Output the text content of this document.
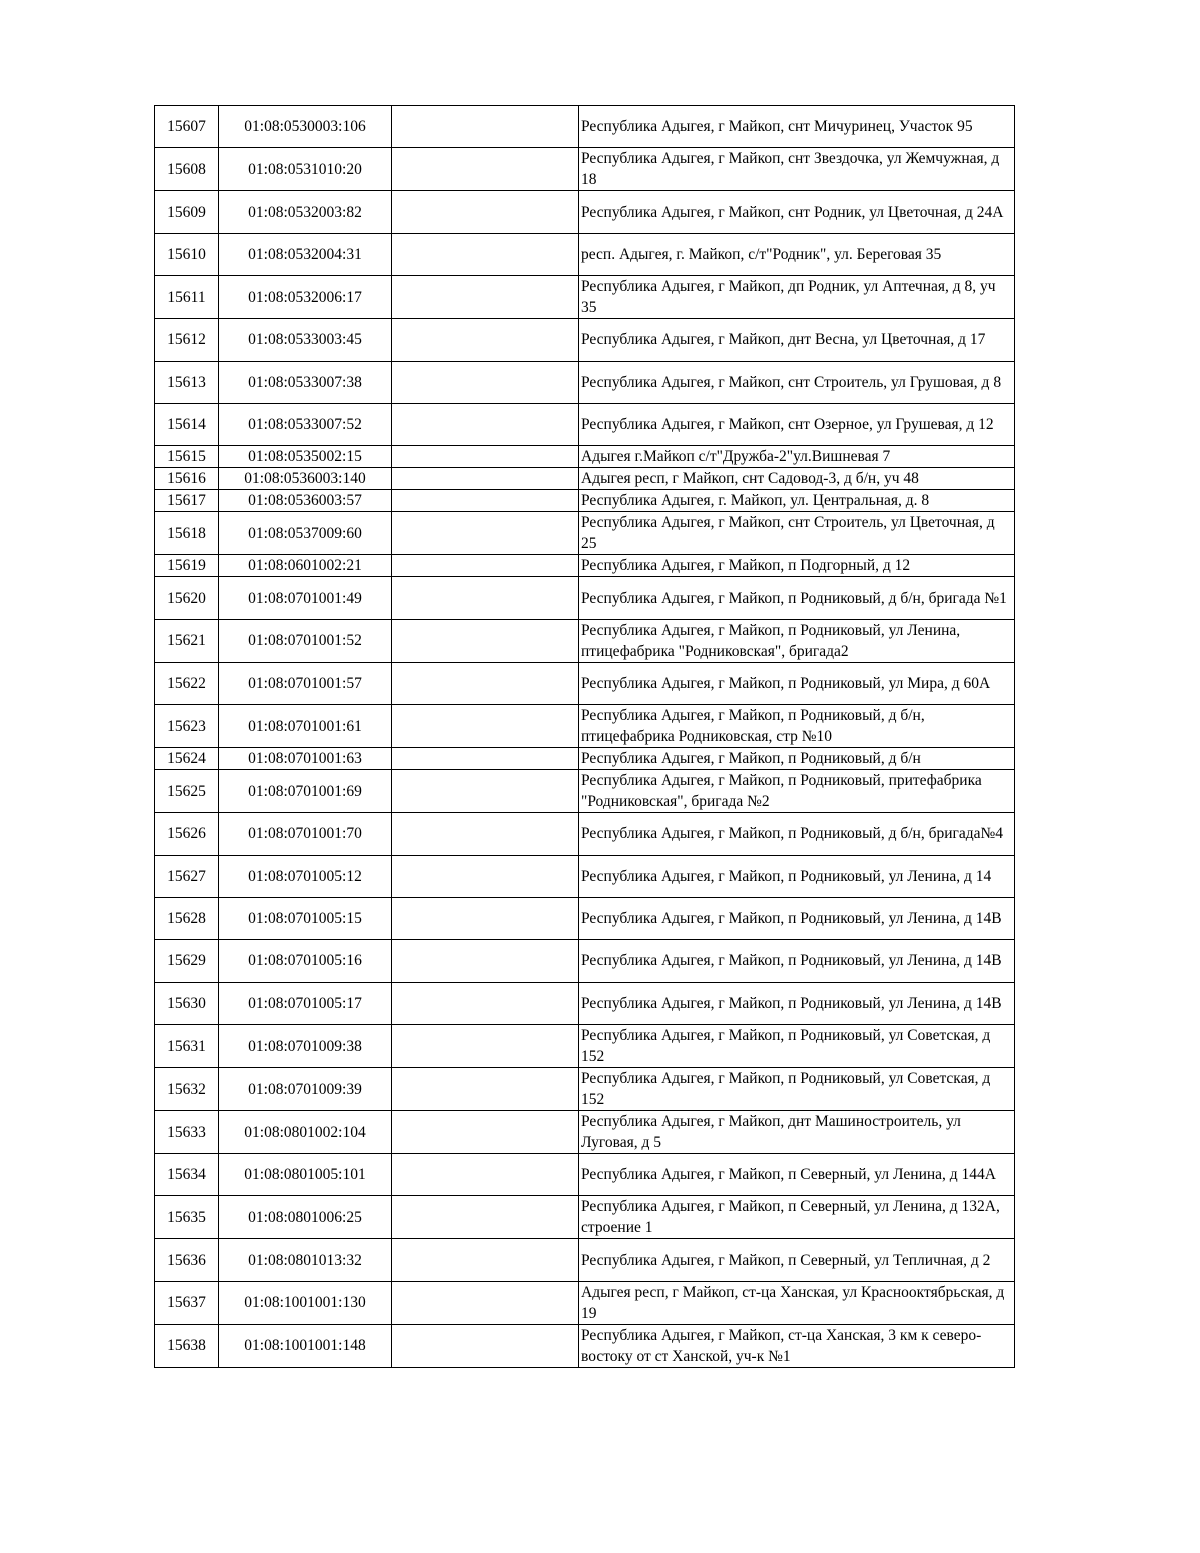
15607	01:08:0530003:106		Республика Адыгея, г Майкоп, снт Мичуринец, Участок 95
15608	01:08:0531010:20		Республика Адыгея, г Майкоп, снт Звездочка, ул Жемчужная, д 18
15609	01:08:0532003:82		Республика Адыгея, г Майкоп, снт Родник, ул Цветочная, д 24А
15610	01:08:0532004:31		респ. Адыгея, г. Майкоп, с/т"Родник", ул. Береговая 35
15611	01:08:0532006:17		Республика Адыгея, г Майкоп, дп Родник, ул Аптечная, д 8, уч 35
15612	01:08:0533003:45		Республика Адыгея, г Майкоп, днт Весна, ул Цветочная, д 17
15613	01:08:0533007:38		Республика Адыгея, г Майкоп, снт Строитель, ул Грушовая, д 8
15614	01:08:0533007:52		Республика Адыгея, г Майкоп, снт Озерное, ул Грушевая, д 12
15615	01:08:0535002:15		Адыгея г.Майкоп с/т"Дружба-2"ул.Вишневая 7
15616	01:08:0536003:140		Адыгея респ, г Майкоп, снт Садовод-3, д б/н, уч 48
15617	01:08:0536003:57		Республика Адыгея, г. Майкоп, ул. Центральная, д. 8
15618	01:08:0537009:60		Республика Адыгея, г Майкоп, снт Строитель, ул Цветочная, д 25
15619	01:08:0601002:21		Республика Адыгея, г Майкоп, п Подгорный, д 12
15620	01:08:0701001:49		Республика Адыгея, г Майкоп, п Родниковый, д б/н, бригада №1
15621	01:08:0701001:52		Республика Адыгея, г Майкоп, п Родниковый, ул Ленина, птицефабрика "Родниковская", бригада2
15622	01:08:0701001:57		Республика Адыгея, г Майкоп, п Родниковый, ул Мира, д 60А
15623	01:08:0701001:61		Республика Адыгея, г Майкоп, п Родниковый, д б/н, птицефабрика Родниковская, стр №10
15624	01:08:0701001:63		Республика Адыгея, г Майкоп, п Родниковый, д б/н
15625	01:08:0701001:69		Республика Адыгея, г Майкоп, п Родниковый, притефабрика "Родниковская", бригада №2
15626	01:08:0701001:70		Республика Адыгея, г Майкоп, п Родниковый, д б/н, бригада№4
15627	01:08:0701005:12		Республика Адыгея, г Майкоп, п Родниковый, ул Ленина, д 14
15628	01:08:0701005:15		Республика Адыгея, г Майкоп, п Родниковый, ул Ленина, д 14В
15629	01:08:0701005:16		Республика Адыгея, г Майкоп, п Родниковый, ул Ленина, д 14В
15630	01:08:0701005:17		Республика Адыгея, г Майкоп, п Родниковый, ул Ленина, д 14В
15631	01:08:0701009:38		Республика Адыгея, г Майкоп, п Родниковый, ул Советская, д 152
15632	01:08:0701009:39		Республика Адыгея, г Майкоп, п Родниковый, ул Советская, д 152
15633	01:08:0801002:104		Республика Адыгея, г Майкоп, днт Машиностроитель, ул Луговая, д 5
15634	01:08:0801005:101		Республика Адыгея, г Майкоп, п Северный, ул Ленина, д 144А
15635	01:08:0801006:25		Республика Адыгея, г Майкоп, п Северный, ул Ленина, д 132А, строение 1
15636	01:08:0801013:32		Республика Адыгея, г Майкоп, п Северный, ул Тепличная, д 2
15637	01:08:1001001:130		Адыгея респ, г Майкоп, ст-ца Ханская, ул Краснооктябрьская, д 19
15638	01:08:1001001:148		Республика Адыгея, г Майкоп, ст-ца Ханская, 3 км к северо-востоку от ст Ханской, уч-к №1
